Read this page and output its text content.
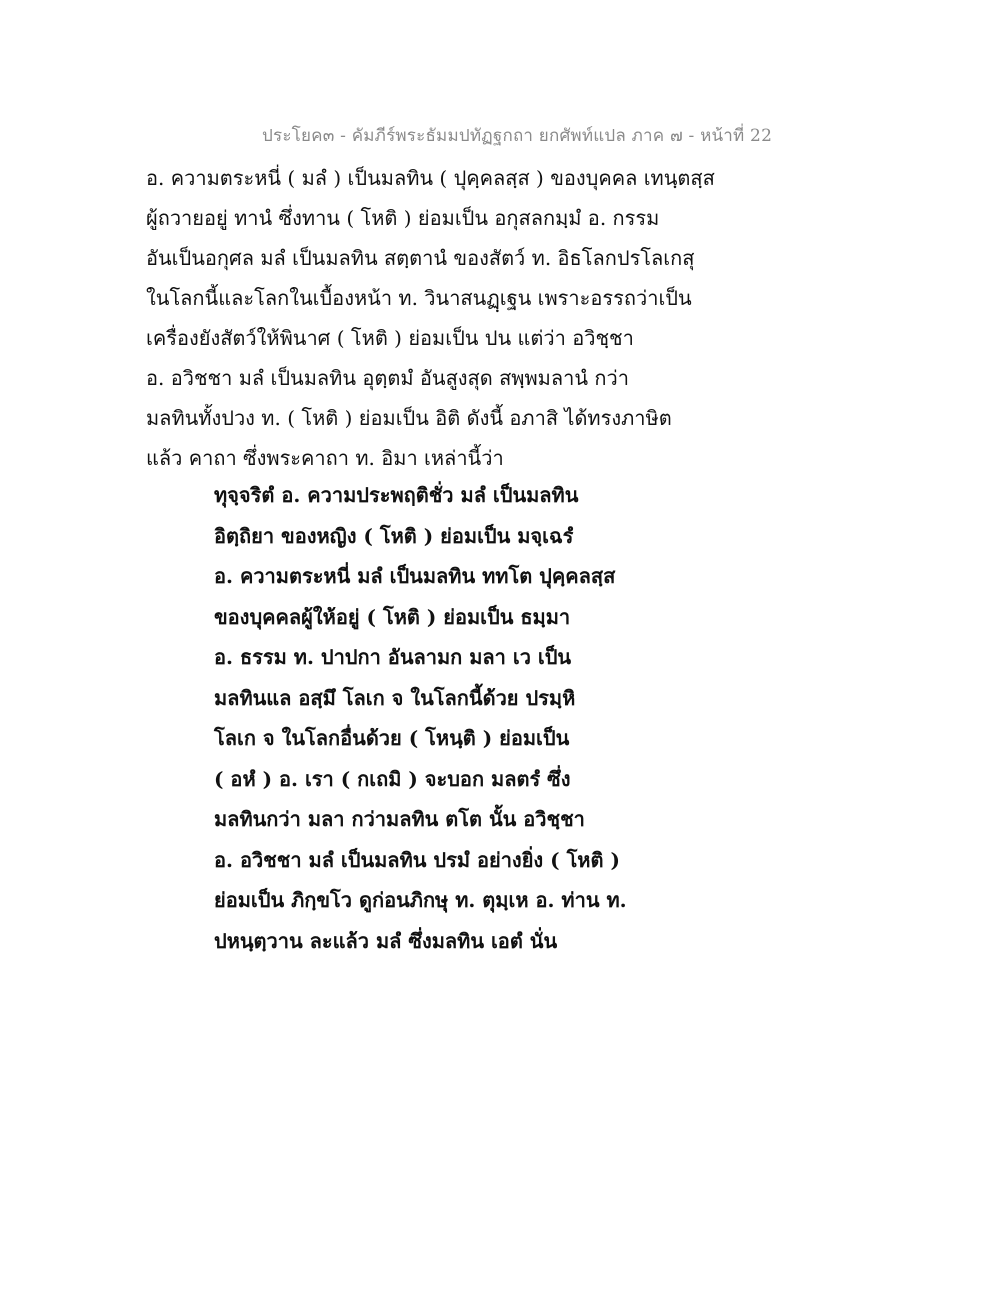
ประโยค๓ - คัมภีร์พระธัมมปทัฏฐกถา ยกศัพท์แปล ภาค ๗ - หน้าที่ 22
อ. ความตระหนี่ ( มลํ ) เป็นมลทิน ( ปุคฺคลสฺส ) ของบุคคล เทนฺตสฺส
ผู้ถวายอยู่ ทานํ ซึ่งทาน ( โหติ ) ย่อมเป็น อกุสลกมฺมํ อ. กรรม
อันเป็นอกุศล มลํ เป็นมลทิน สตฺตานํ ของสัตว์ ท. อิธโลกปรโลเกสุ
ในโลกนี้และโลกในเบื้องหน้า ท. วินาสนฏฺเฐน เพราะอรรถว่าเป็น
เครื่องยังสัตว์ให้พินาศ ( โหติ ) ย่อมเป็น ปน แต่ว่า อวิชฺชา
อ. อวิชชา มลํ เป็นมลทิน อุตฺตมํ อันสูงสุด สพฺพมลานํ กว่า
มลทินทั้งปวง ท. ( โหติ ) ย่อมเป็น อิติ ดังนี้ อภาสิ ได้ทรงภาษิต
แล้ว คาถา ซึ่งพระคาถา ท. อิมา เหล่านี้ว่า
ทุจฺจริตํ อ. ความประพฤติชั่ว มลํ เป็นมลทิน
อิตฺถิยา ของหญิง ( โหติ ) ย่อมเป็น มจฺเฉรํ
อ. ความตระหนี่ มลํ เป็นมลทิน ททโต ปุคฺคลสฺส
ของบุคคลผู้ให้อยู่ ( โหติ ) ย่อมเป็น ธมฺมา
อ. ธรรม ท. ปาปกา อันลามก มลา เว เป็น
มลทินแล อสฺมึ โลเก จ ในโลกนี้ด้วย ปรมฺหิ
โลเก จ ในโลกอื่นด้วย ( โหนฺติ ) ย่อมเป็น
( อหํ ) อ. เรา ( กเถมิ ) จะบอก มลตรํ ซึ่ง
มลทินกว่า มลา กว่ามลทิน ตโต นั้น อวิชฺชา
อ. อวิชชา มลํ เป็นมลทิน ปรมํ อย่างยิ่ง ( โหติ )
ย่อมเป็น ภิกฺขโว ดูก่อนภิกษุ ท. ตุมฺเห อ. ท่าน ท.
ปหนฺตฺวาน ละแล้ว มลํ ซึ่งมลทิน เอตํ นั่น
